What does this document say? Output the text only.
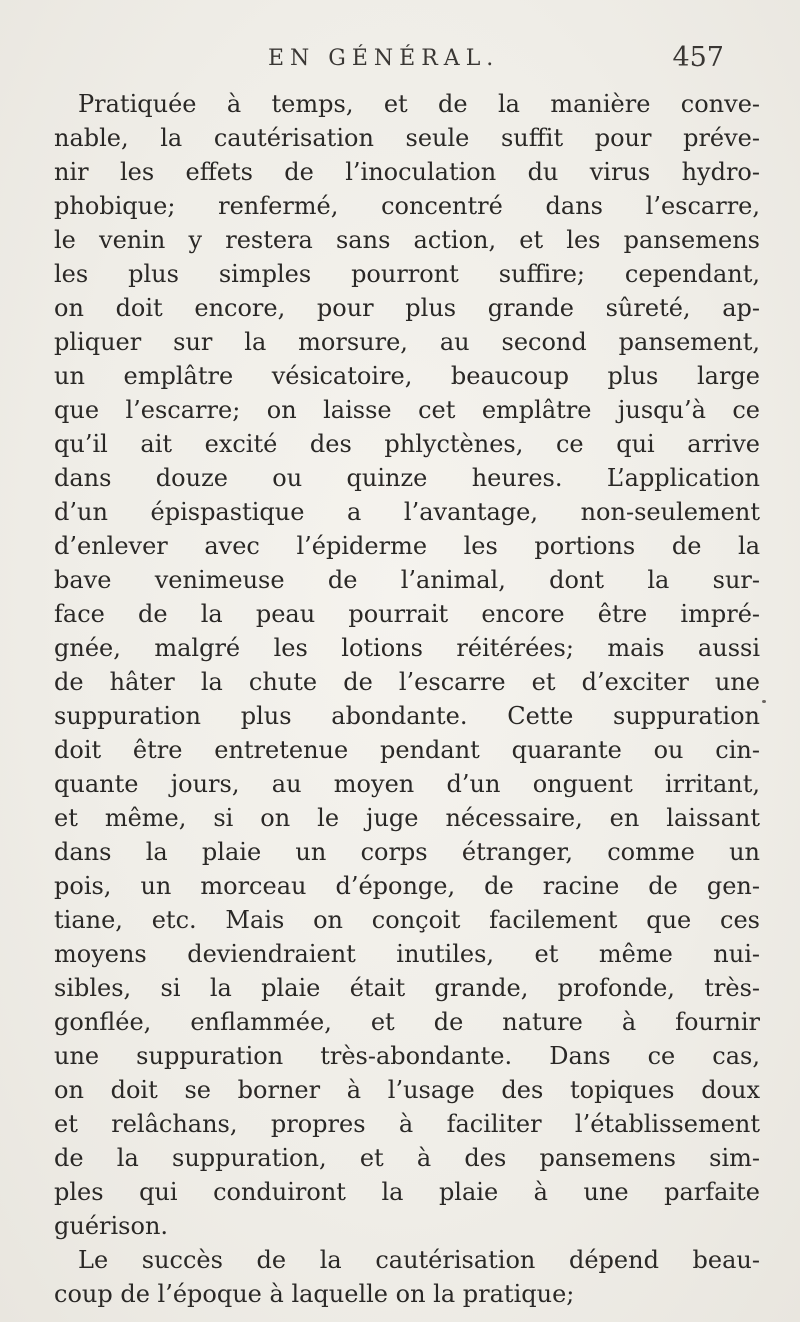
EN GÉNÉRAL.	457
Pratiquée à temps, et de la manière conve-
nable, la cautérisation seule suffit pour préve-
nir les effets de l’inoculation du virus hydro-
phobique; renfermé, concentré dans l’escarre,
le venin y restera sans action, et les pansemens
les plus simples pourront suffire; cependant,
on doit encore, pour plus grande sûreté, ap-
pliquer sur la morsure, au second pansement,
un emplâtre vésicatoire, beaucoup plus large
que l’escarre; on laisse cet emplâtre jusqu’à ce
qu’il ait excité des phlyctènes, ce qui arrive
dans douze ou quinze heures. L’application
d’un épispastique a l’avantage, non-seulement
d’enlever avec l’épiderme les portions de la
bave venimeuse de l’animal, dont la sur-
face de la peau pourrait encore être impré-
gnée, malgré les lotions réitérées; mais aussi
de hâter la chute de l’escarre et d’exciter une
suppuration plus abondante. Cette suppuration
doit être entretenue pendant quarante ou cin-
quante jours, au moyen d’un onguent irritant,
et même, si on le juge nécessaire, en laissant
dans la plaie un corps étranger, comme un
pois, un morceau d’éponge, de racine de gen-
tiane, etc. Mais on conçoit facilement que ces
moyens deviendraient inutiles, et même nui-
sibles, si la plaie était grande, profonde, très-
gonflée, enflammée, et de nature à fournir
une suppuration très-abondante. Dans ce cas,
on doit se borner à l’usage des topiques doux
et relâchans, propres à faciliter l’établissement
de la suppuration, et à des pansemens sim-
ples qui conduiront la plaie à une parfaite
guérison.
Le succès de la cautérisation dépend beau-
coup de l’époque à laquelle on la pratique;
